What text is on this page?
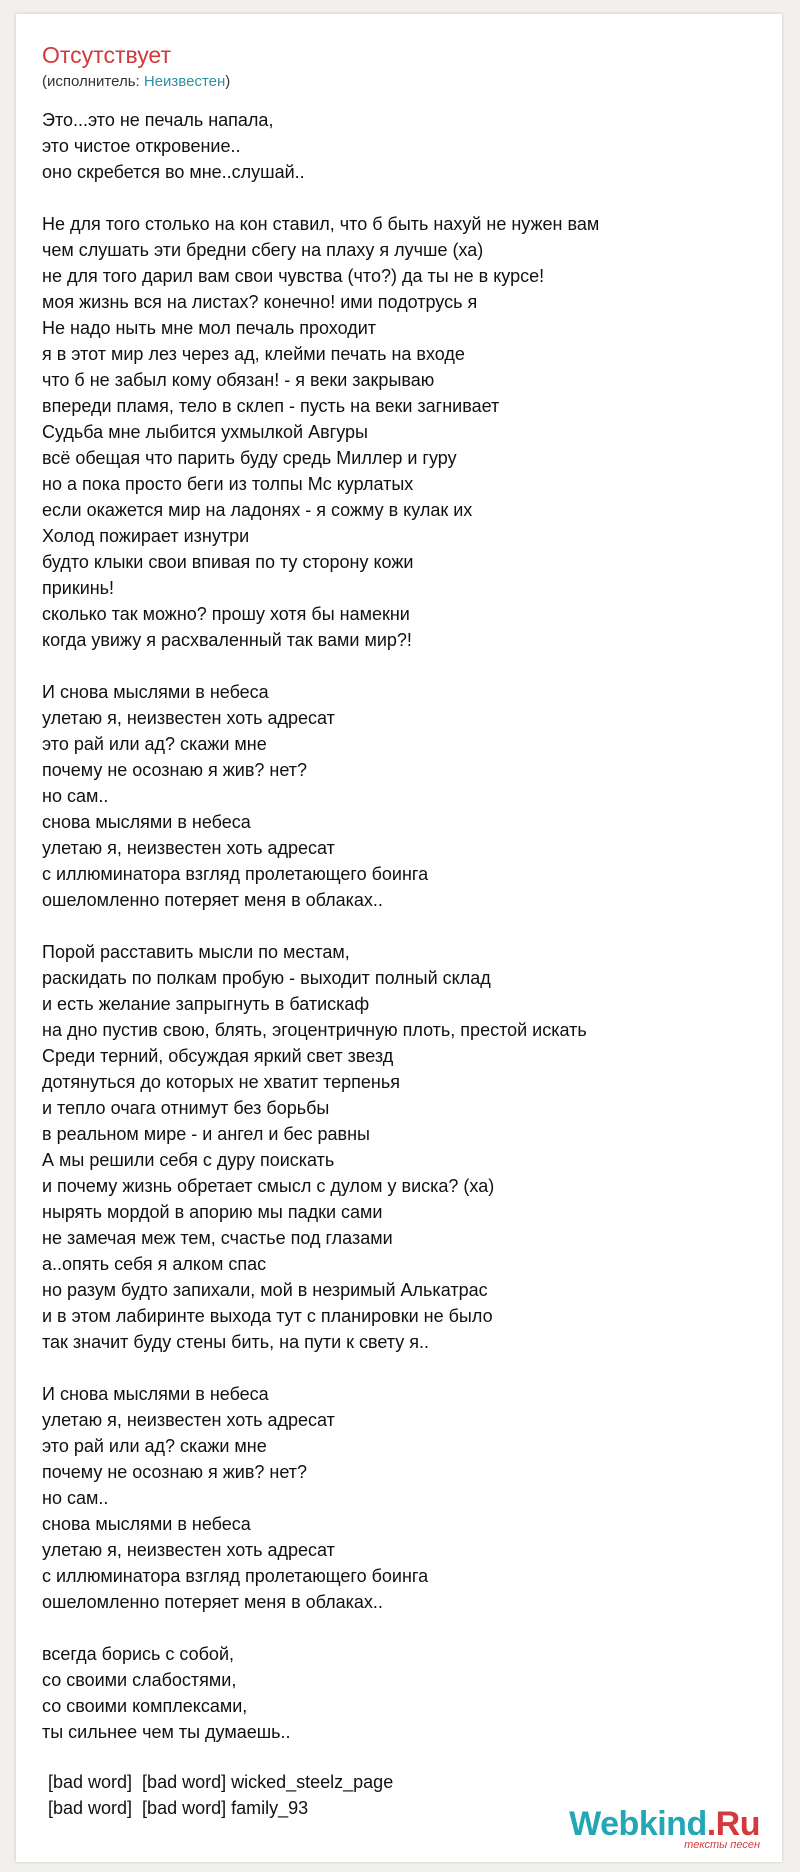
Отсутствует

(исполнитель: Неизвестен)

Это...это не печаль напала,
это чистое откровение..
оно скребется во мне..слушай..
Не для того столько на кон ставил, что б быть нахуй не нужен вам
чем слушать эти бредни сбегу на плаху я лучше (ха)
не для того дарил вам свои чувства (что?) да ты не в курсе!
моя жизнь вся на листах? конечно! ими подотрусь я
Не надо ныть мне мол печаль проходит
я в этот мир лез через ад, клейми печать на входе
что б не забыл кому обязан! - я веки закрываю
впереди пламя, тело в склеп - пусть на веки загнивает
Судьба мне лыбится ухмылкой Авгуры
всё обещая что парить буду средь Миллер и гуру
но а пока просто беги из толпы Mc курлатых
если окажется мир на ладонях - я сожму в кулак их
Холод пожирает изнутри
будто клыки свои впивая по ту сторону кожи
прикинь!
сколько так можно? прошу хотя бы намекни
когда увижу я расхваленный так вами мир?!
И снова мыслями в небеса
улетаю я, неизвестен хоть адресат
это рай или ад? скажи мне
почему не осознаю я жив? нет?
но сам..
снова мыслями в небеса
улетаю я, неизвестен хоть адресат
с иллюминатора взгляд пролетающего боинга
ошеломленно потеряет меня в облаках..
Порой расставить мысли по местам,
раскидать по полкам пробую - выходит полный склад
и есть желание запрыгнуть в батискаф
на дно пустив свою, блять, эгоцентричную плоть, престой искать
Среди терний, обсуждая яркий свет звезд
дотянуться до которых не хватит терпенья
и тепло очага отнимут без борьбы
в реальном мире - и ангел и бес равны
А мы решили себя с дуру поискать
и почему жизнь обретает смысл с дулом у виска? (ха)
нырять мордой в апорию мы падки сами
не замечая меж тем, счастье под глазами
а..опять себя я алком спас
но разум будто запихали, мой в незримый Алькатрас
и в этом лабиринте выхода тут с планировки не было
так значит буду стены бить, на пути к свету я..
И снова мыслями в небеса
улетаю я, неизвестен хоть адресат
это рай или ад? скажи мне
почему не осознаю я жив? нет?
но сам..
снова мыслями в небеса
улетаю я, неизвестен хоть адресат
с иллюминатора взгляд пролетающего боинга
ошеломленно потеряет меня в облаках..
всегда борись с собой,
со своими слабостями,
со своими комплексами,
ты сильнее чем ты думаешь..
[bad word]  [bad word] wicked_steelz_page
[bad word]  [bad word] family_93	Webkind.Ru
тексты песен
